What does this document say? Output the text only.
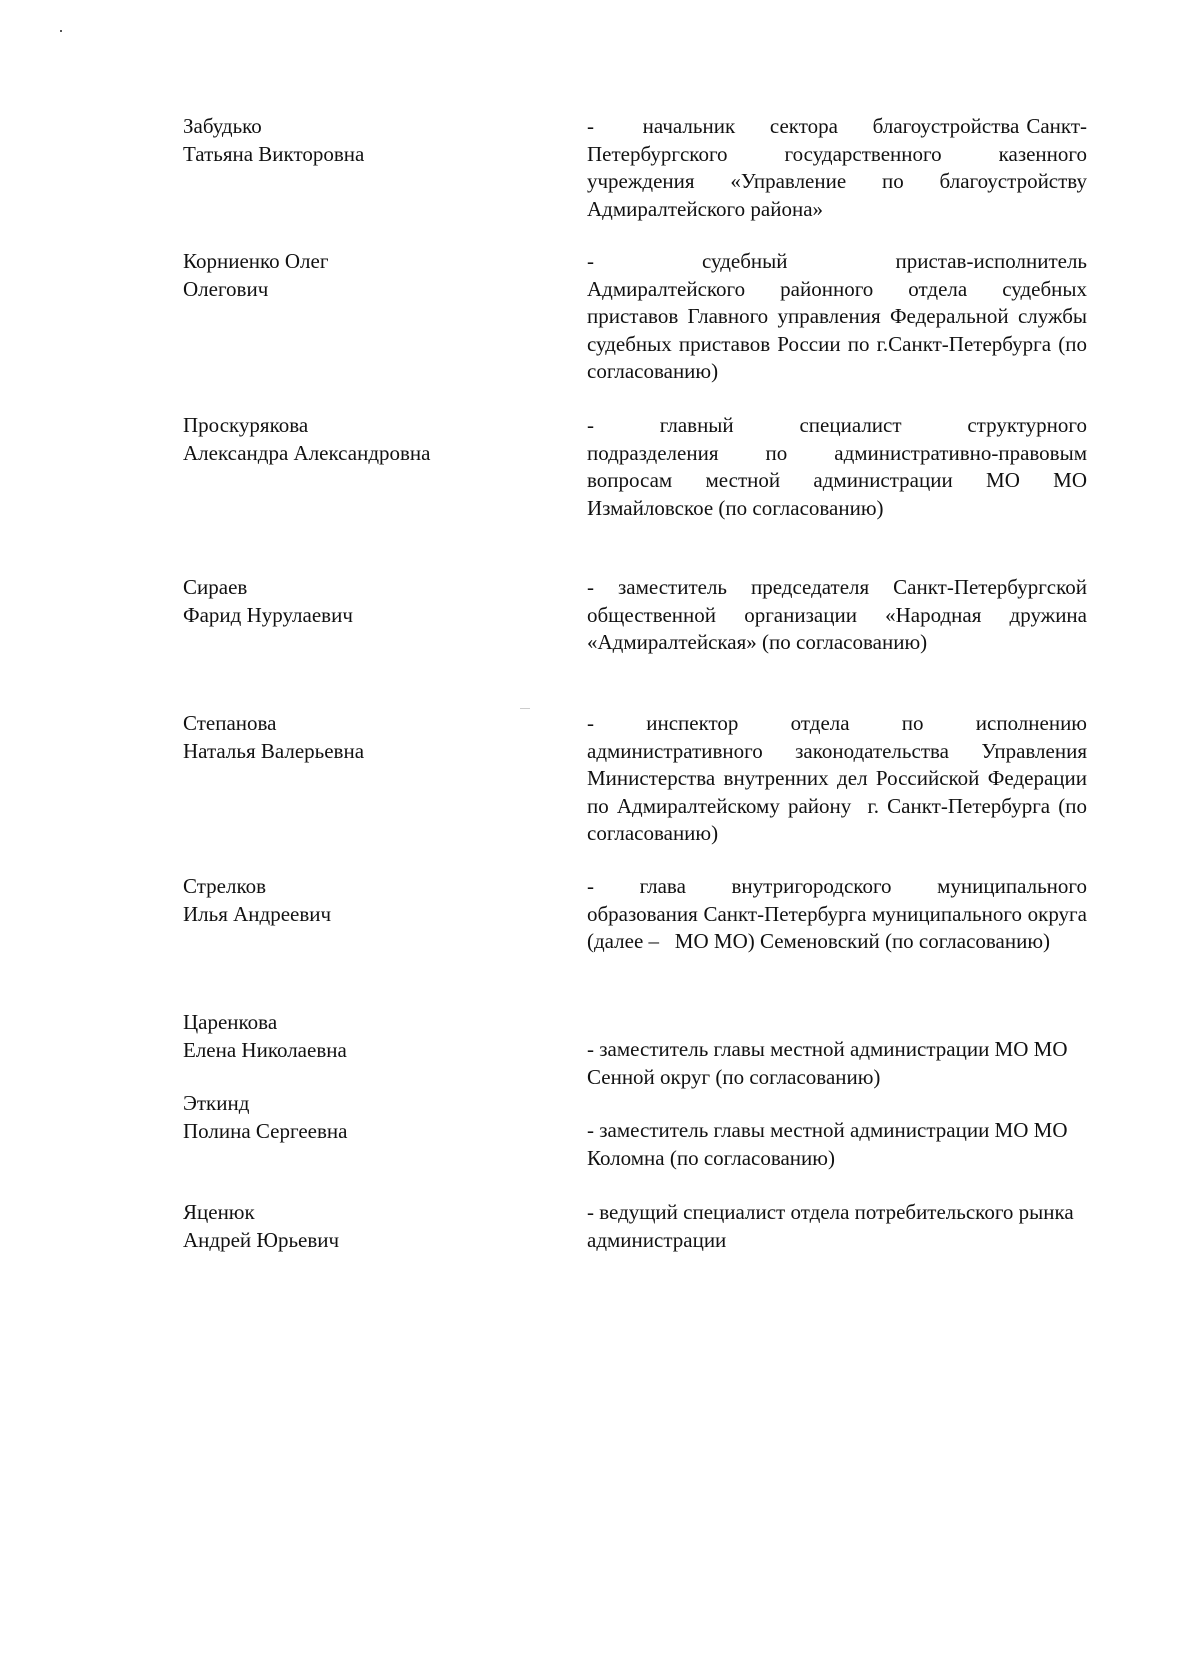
Забудько
Татьяна Викторовна
-       начальник     сектора     благоустройства Санкт-Петербургского государственного казенного учреждения «Управление по благоустройству Адмиралтейского района»
Корниенко Олег
Олегович
-       судебный       пристав-исполнитель Адмиралтейского районного отдела судебных приставов Главного управления Федеральной службы судебных приставов России по г.Санкт-Петербурга (по согласованию)
Проскурякова
Александра Александровна
-      главный      специалист      структурного подразделения по административно-правовым вопросам местной администрации МО МО Измайловское (по согласованию)
Сираев
Фарид Нурулаевич
- заместитель председателя Санкт-Петербургской общественной организации «Народная дружина «Адмиралтейская» (по согласованию)
Степанова
Наталья Валерьевна
-     инспектор     отдела     по     исполнению административного законодательства Управления Министерства внутренних дел Российской Федерации по Адмиралтейскому району  г. Санкт-Петербурга (по согласованию)
Стрелков
Илья Андреевич
-   глава   внутригородского   муниципального образования Санкт-Петербурга муниципального округа (далее –   МО МО) Семеновский (по согласованию)
Царенкова
Елена Николаевна	- заместитель главы местной администрации МО МО Сенной округ (по согласованию)
Эткинд
Полина Сергеевна	- заместитель главы местной администрации МО МО Коломна (по согласованию)
Яценюк
Андрей Юрьевич
- ведущий специалист отдела потребительского рынка администрации
